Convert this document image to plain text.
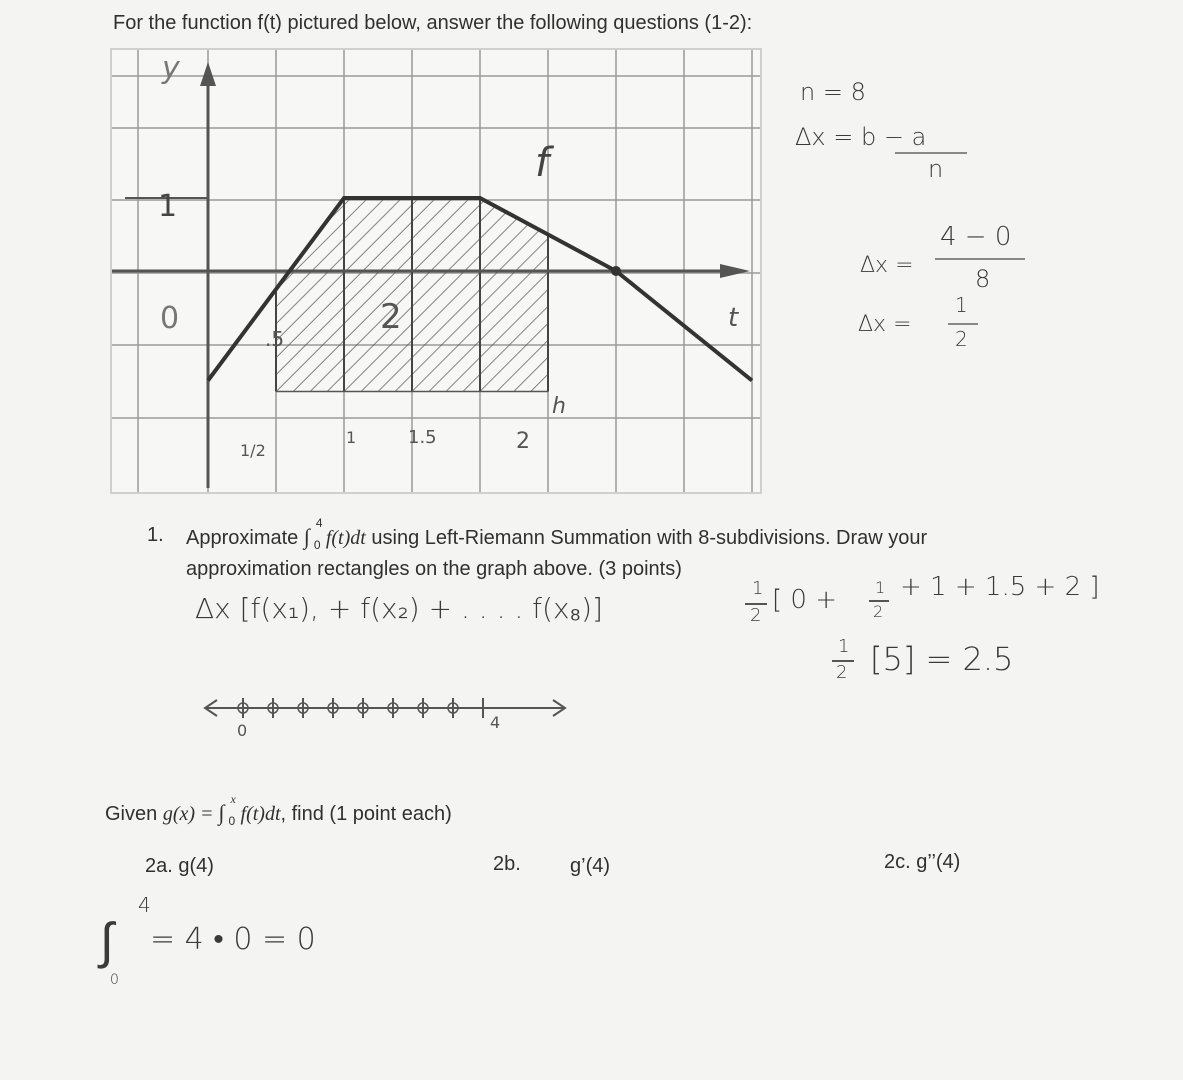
For the function f(t) pictured below, answer the following questions (1-2):
y
t
f
1
0
.5
2
h
1/2
1	1.5	2
n = 8
Δx = b − a
n
Δx =
4 − 0
8
Δx =
1
2
1. Approximate ∫
4
0 f(t)dt using Left-Riemann Summation with 8-subdivisions. Draw your
approximation rectangles on the graph above. (3 points)
Δx [f(x₁), + f(x₂) + . . . . f(x₈)]
1
2
[ 0 + 1
2
+ 1 + 1.5 + 2 ]
1
2 [5] = 2.5
0	4
Given g(x) = ∫
x
0 f(t)dt, find (1 point each)
2a. g(4)	2b. g’(4)	2c. g’’(4)
∫
4
0
= 4 • 0 = 0
